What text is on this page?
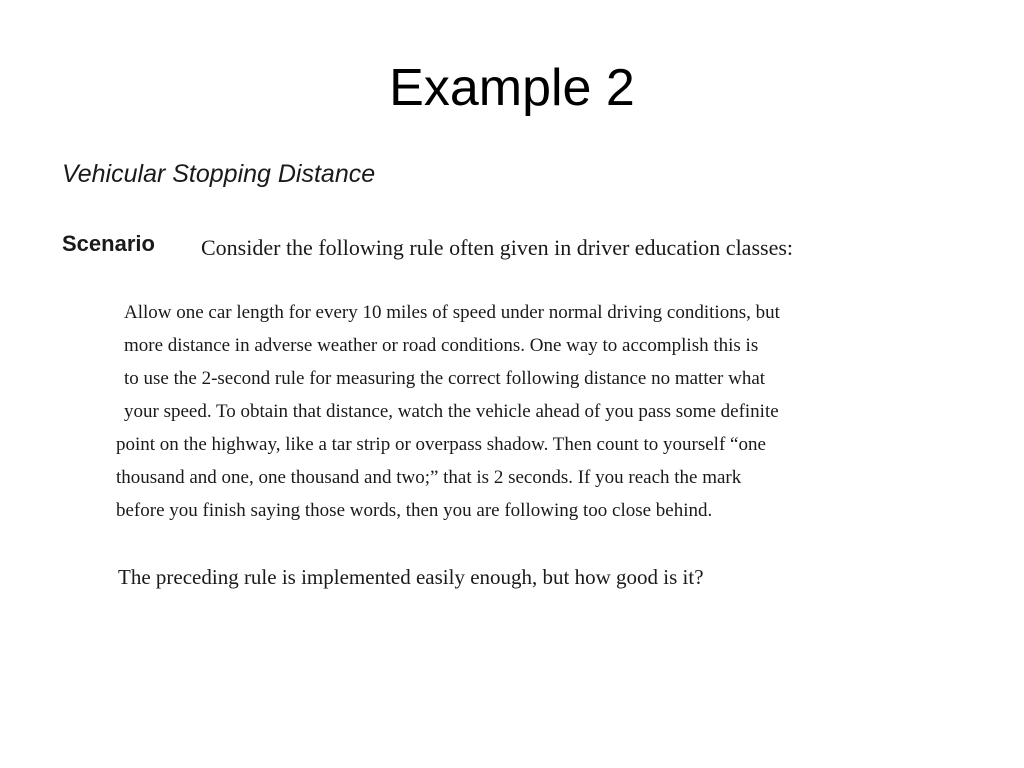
Example 2
Vehicular Stopping Distance
Scenario Consider the following rule often given in driver education classes:
Allow one car length for every 10 miles of speed under normal driving conditions, but
more distance in adverse weather or road conditions. One way to accomplish this is
to use the 2-second rule for measuring the correct following distance no matter what
your speed. To obtain that distance, watch the vehicle ahead of you pass some definite
point on the highway, like a tar strip or overpass shadow. Then count to yourself “one
thousand and one, one thousand and two;” that is 2 seconds. If you reach the mark
before you finish saying those words, then you are following too close behind.
The preceding rule is implemented easily enough, but how good is it?
